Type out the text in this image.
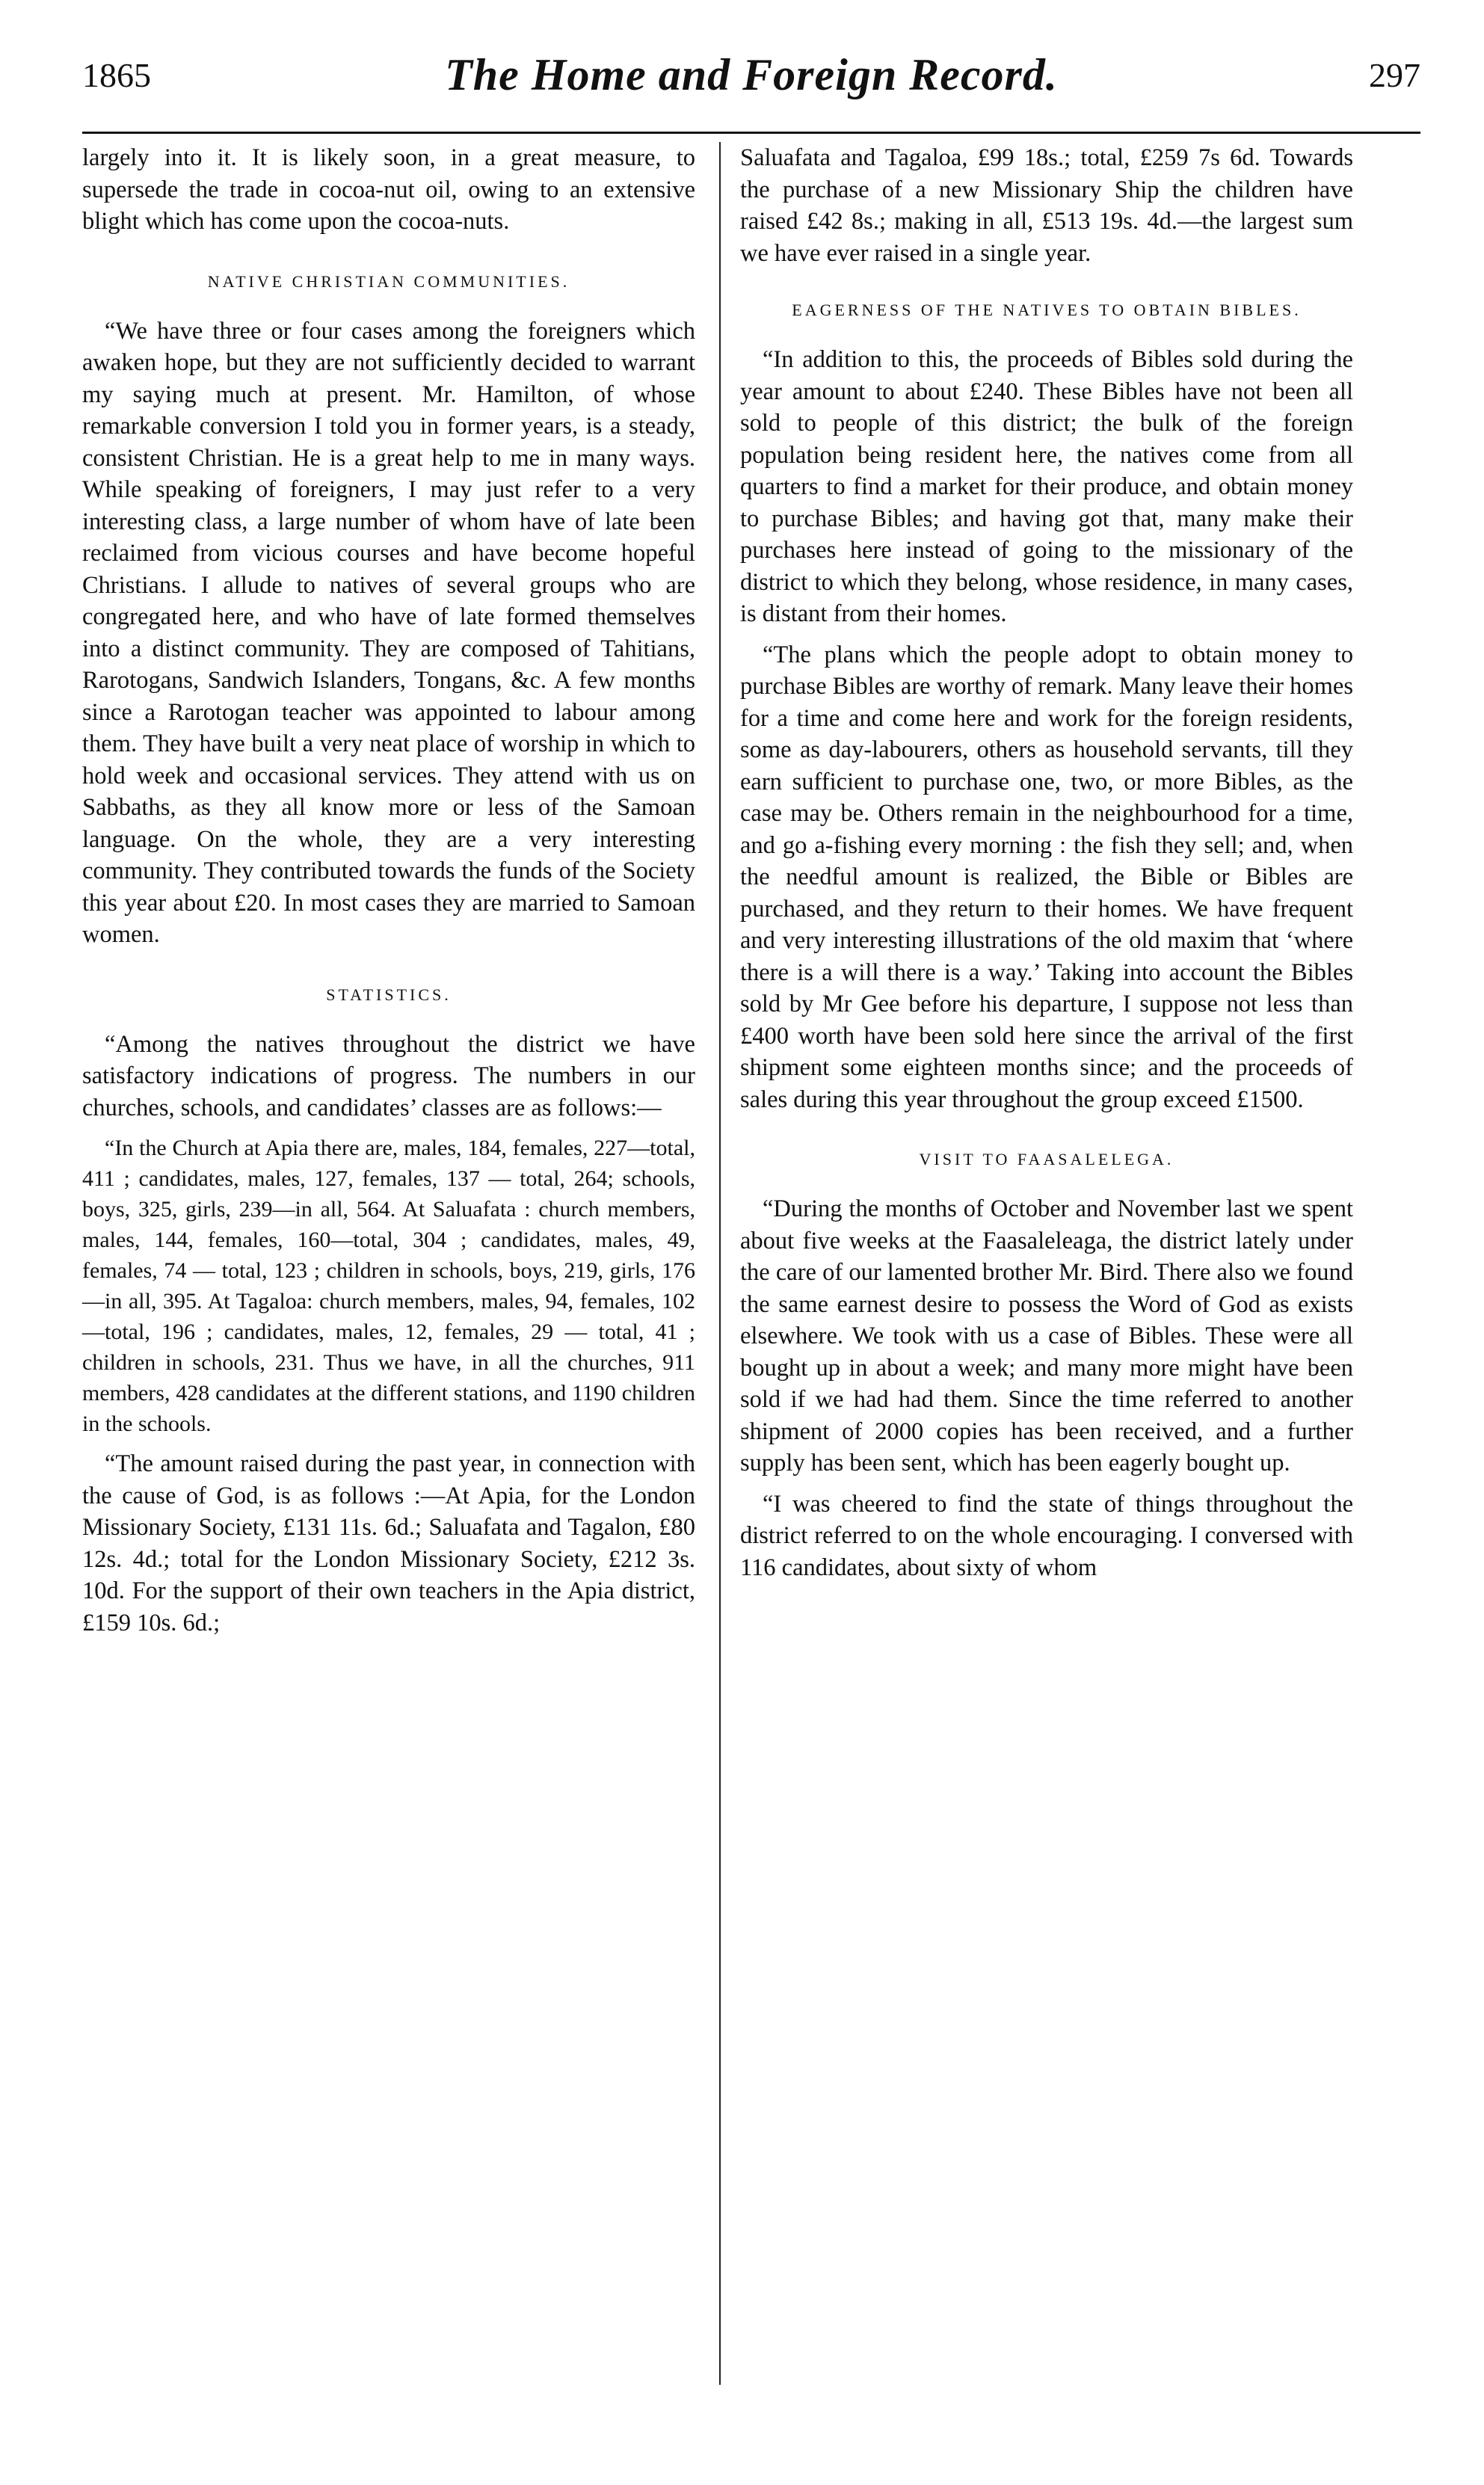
1865	The Home and Foreign Record.	297

largely into it. It is likely soon, in a great measure, to supersede the trade in cocoa-nut oil, owing to an extensive blight which has come upon the cocoa-nuts.

NATIVE CHRISTIAN COMMUNITIES.

“We have three or four cases among the foreigners which awaken hope, but they are not sufficiently decided to warrant my saying much at present. Mr. Hamilton, of whose remarkable conversion I told you in former years, is a steady, consistent Christian. He is a great help to me in many ways. While speaking of foreigners, I may just refer to a very interesting class, a large number of whom have of late been reclaimed from vicious courses and have become hopeful Christians. I allude to natives of several groups who are congregated here, and who have of late formed themselves into a distinct community. They are composed of Tahitians, Rarotogans, Sandwich Islanders, Tongans, &c. A few months since a Rarotogan teacher was appointed to labour among them. They have built a very neat place of worship in which to hold week and occasional services. They attend with us on Sabbaths, as they all know more or less of the Samoan language. On the whole, they are a very interesting community. They contributed towards the funds of the Society this year about £20. In most cases they are married to Samoan women.

STATISTICS.

“Among the natives throughout the district we have satisfactory indications of progress. The numbers in our churches, schools, and candidates’ classes are as follows:—

“In the Church at Apia there are, males, 184, females, 227—total, 411 ; candidates, males, 127, females, 137 — total, 264; schools, boys, 325, girls, 239—in all, 564. At Saluafata : church members, males, 144, females, 160—total, 304 ; candidates, males, 49, females, 74 — total, 123 ; children in schools, boys, 219, girls, 176—in all, 395. At Tagaloa: church members, males, 94, females, 102—total, 196 ; candidates, males, 12, females, 29 — total, 41 ; children in schools, 231. Thus we have, in all the churches, 911 members, 428 candidates at the different stations, and 1190 children in the schools.

“The amount raised during the past year, in connection with the cause of God, is as follows :—At Apia, for the London Missionary Society, £131 11s. 6d.; Saluafata and Tagalon, £80 12s. 4d.; total for the London Missionary Society, £212 3s. 10d. For the support of their own teachers in the Apia district, £159 10s. 6d.;

Saluafata and Tagaloa, £99 18s.; total, £259 7s 6d. Towards the purchase of a new Missionary Ship the children have raised £42 8s.; making in all, £513 19s. 4d.—the largest sum we have ever raised in a single year.

EAGERNESS OF THE NATIVES TO OBTAIN BIBLES.

“In addition to this, the proceeds of Bibles sold during the year amount to about £240. These Bibles have not been all sold to people of this district; the bulk of the foreign population being resident here, the natives come from all quarters to find a market for their produce, and obtain money to purchase Bibles; and having got that, many make their purchases here instead of going to the missionary of the district to which they belong, whose residence, in many cases, is distant from their homes.

“The plans which the people adopt to obtain money to purchase Bibles are worthy of remark. Many leave their homes for a time and come here and work for the foreign residents, some as day-labourers, others as household servants, till they earn sufficient to purchase one, two, or more Bibles, as the case may be. Others remain in the neighbourhood for a time, and go a-fishing every morning : the fish they sell; and, when the needful amount is realized, the Bible or Bibles are purchased, and they return to their homes. We have frequent and very interesting illustrations of the old maxim that ‘where there is a will there is a way.’ Taking into account the Bibles sold by Mr Gee before his departure, I suppose not less than £400 worth have been sold here since the arrival of the first shipment some eighteen months since; and the proceeds of sales during this year throughout the group exceed £1500.

VISIT TO FAASALELEGA.

“During the months of October and November last we spent about five weeks at the Faasaleleaga, the district lately under the care of our lamented brother Mr. Bird. There also we found the same earnest desire to possess the Word of God as exists elsewhere. We took with us a case of Bibles. These were all bought up in about a week; and many more might have been sold if we had had them. Since the time referred to another shipment of 2000 copies has been received, and a further supply has been sent, which has been eagerly bought up.

“I was cheered to find the state of things throughout the district referred to on the whole encouraging. I conversed with 116 candidates, about sixty of whom
